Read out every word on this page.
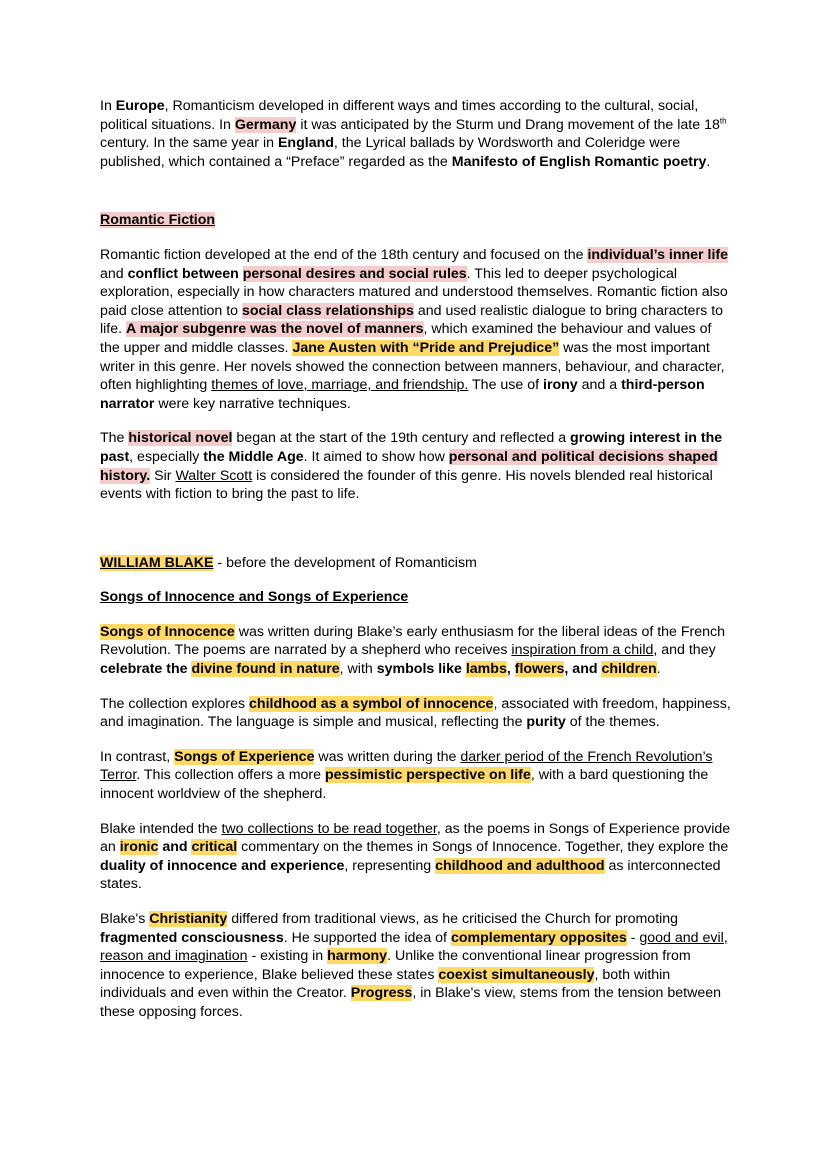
In Europe, Romanticism developed in different ways and times according to the cultural, social, political situations. In Germany it was anticipated by the Sturm und Drang movement of the late 18th century. In the same year in England, the Lyrical ballads by Wordsworth and Coleridge were published, which contained a “Preface” regarded as the Manifesto of English Romantic poetry.

Romantic Fiction

Romantic fiction developed at the end of the 18th century and focused on the individual’s inner life and conflict between personal desires and social rules. This led to deeper psychological exploration, especially in how characters matured and understood themselves. Romantic fiction also paid close attention to social class relationships and used realistic dialogue to bring characters to life. A major subgenre was the novel of manners, which examined the behaviour and values of the upper and middle classes. Jane Austen with “Pride and Prejudice” was the most important writer in this genre. Her novels showed the connection between manners, behaviour, and character, often highlighting themes of love, marriage, and friendship. The use of irony and a third-person narrator were key narrative techniques.

The historical novel began at the start of the 19th century and reflected a growing interest in the past, especially the Middle Age. It aimed to show how personal and political decisions shaped history. Sir Walter Scott is considered the founder of this genre. His novels blended real historical events with fiction to bring the past to life.

WILLIAM BLAKE - before the development of Romanticism

Songs of Innocence and Songs of Experience

Songs of Innocence was written during Blake’s early enthusiasm for the liberal ideas of the French Revolution. The poems are narrated by a shepherd who receives inspiration from a child, and they celebrate the divine found in nature, with symbols like lambs, flowers, and children.

The collection explores childhood as a symbol of innocence, associated with freedom, happiness, and imagination. The language is simple and musical, reflecting the purity of the themes.

In contrast, Songs of Experience was written during the darker period of the French Revolution’s Terror. This collection offers a more pessimistic perspective on life, with a bard questioning the innocent worldview of the shepherd.

Blake intended the two collections to be read together, as the poems in Songs of Experience provide an ironic and critical commentary on the themes in Songs of Innocence. Together, they explore the duality of innocence and experience, representing childhood and adulthood as interconnected states.

Blake's Christianity differed from traditional views, as he criticised the Church for promoting fragmented consciousness. He supported the idea of complementary opposites - good and evil, reason and imagination - existing in harmony. Unlike the conventional linear progression from innocence to experience, Blake believed these states coexist simultaneously, both within individuals and even within the Creator. Progress, in Blake's view, stems from the tension between these opposing forces.
